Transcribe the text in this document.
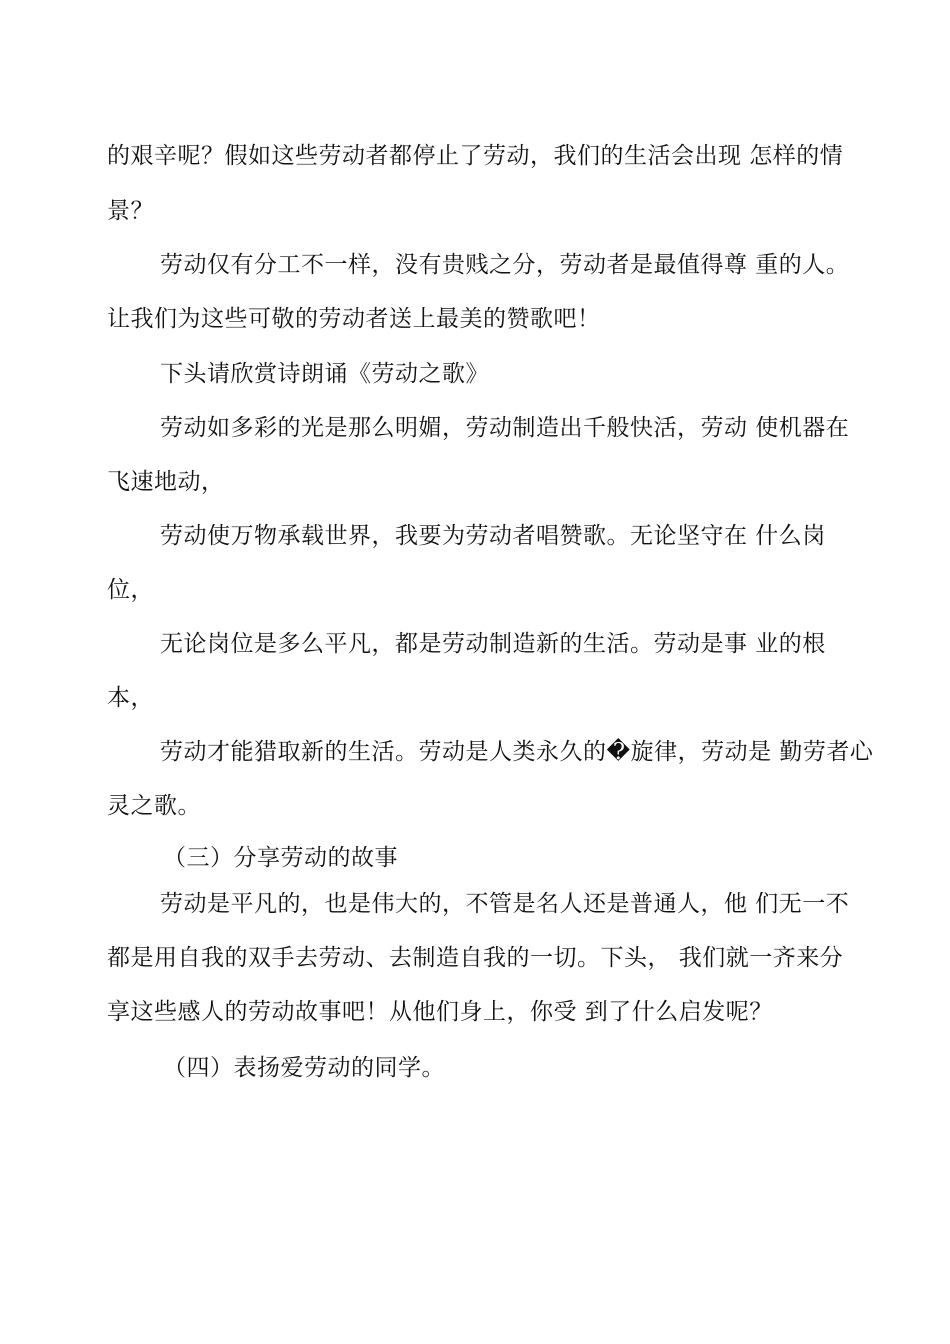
的艰辛呢？假如这些劳动者都停止了劳动，我们的生活会出现 怎样的情
景？
劳动仅有分工不一样，没有贵贱之分，劳动者是最值得尊 重的人。
让我们为这些可敬的劳动者送上最美的赞歌吧！
下头请欣赏诗朗诵《劳动之歌》
劳动如多彩的光是那么明媚，劳动制造出千般快活，劳动 使机器在
飞速地动，
劳动使万物承载世界，我要为劳动者唱赞歌。无论坚守在 什么岗
位，
无论岗位是多么平凡，都是劳动制造新的生活。劳动是事 业的根
本，
劳动才能猎取新的生活。劳动是人类永久的�旋律，劳动是 勤劳者心
灵之歌。
（三）分享劳动的故事
劳动是平凡的，也是伟大的，不管是名人还是普通人，他 们无一不
都是用自我的双手去劳动、去制造自我的一切。下头， 我们就一齐来分
享这些感人的劳动故事吧！从他们身上，你受 到了什么启发呢？
（四）表扬爱劳动的同学。
